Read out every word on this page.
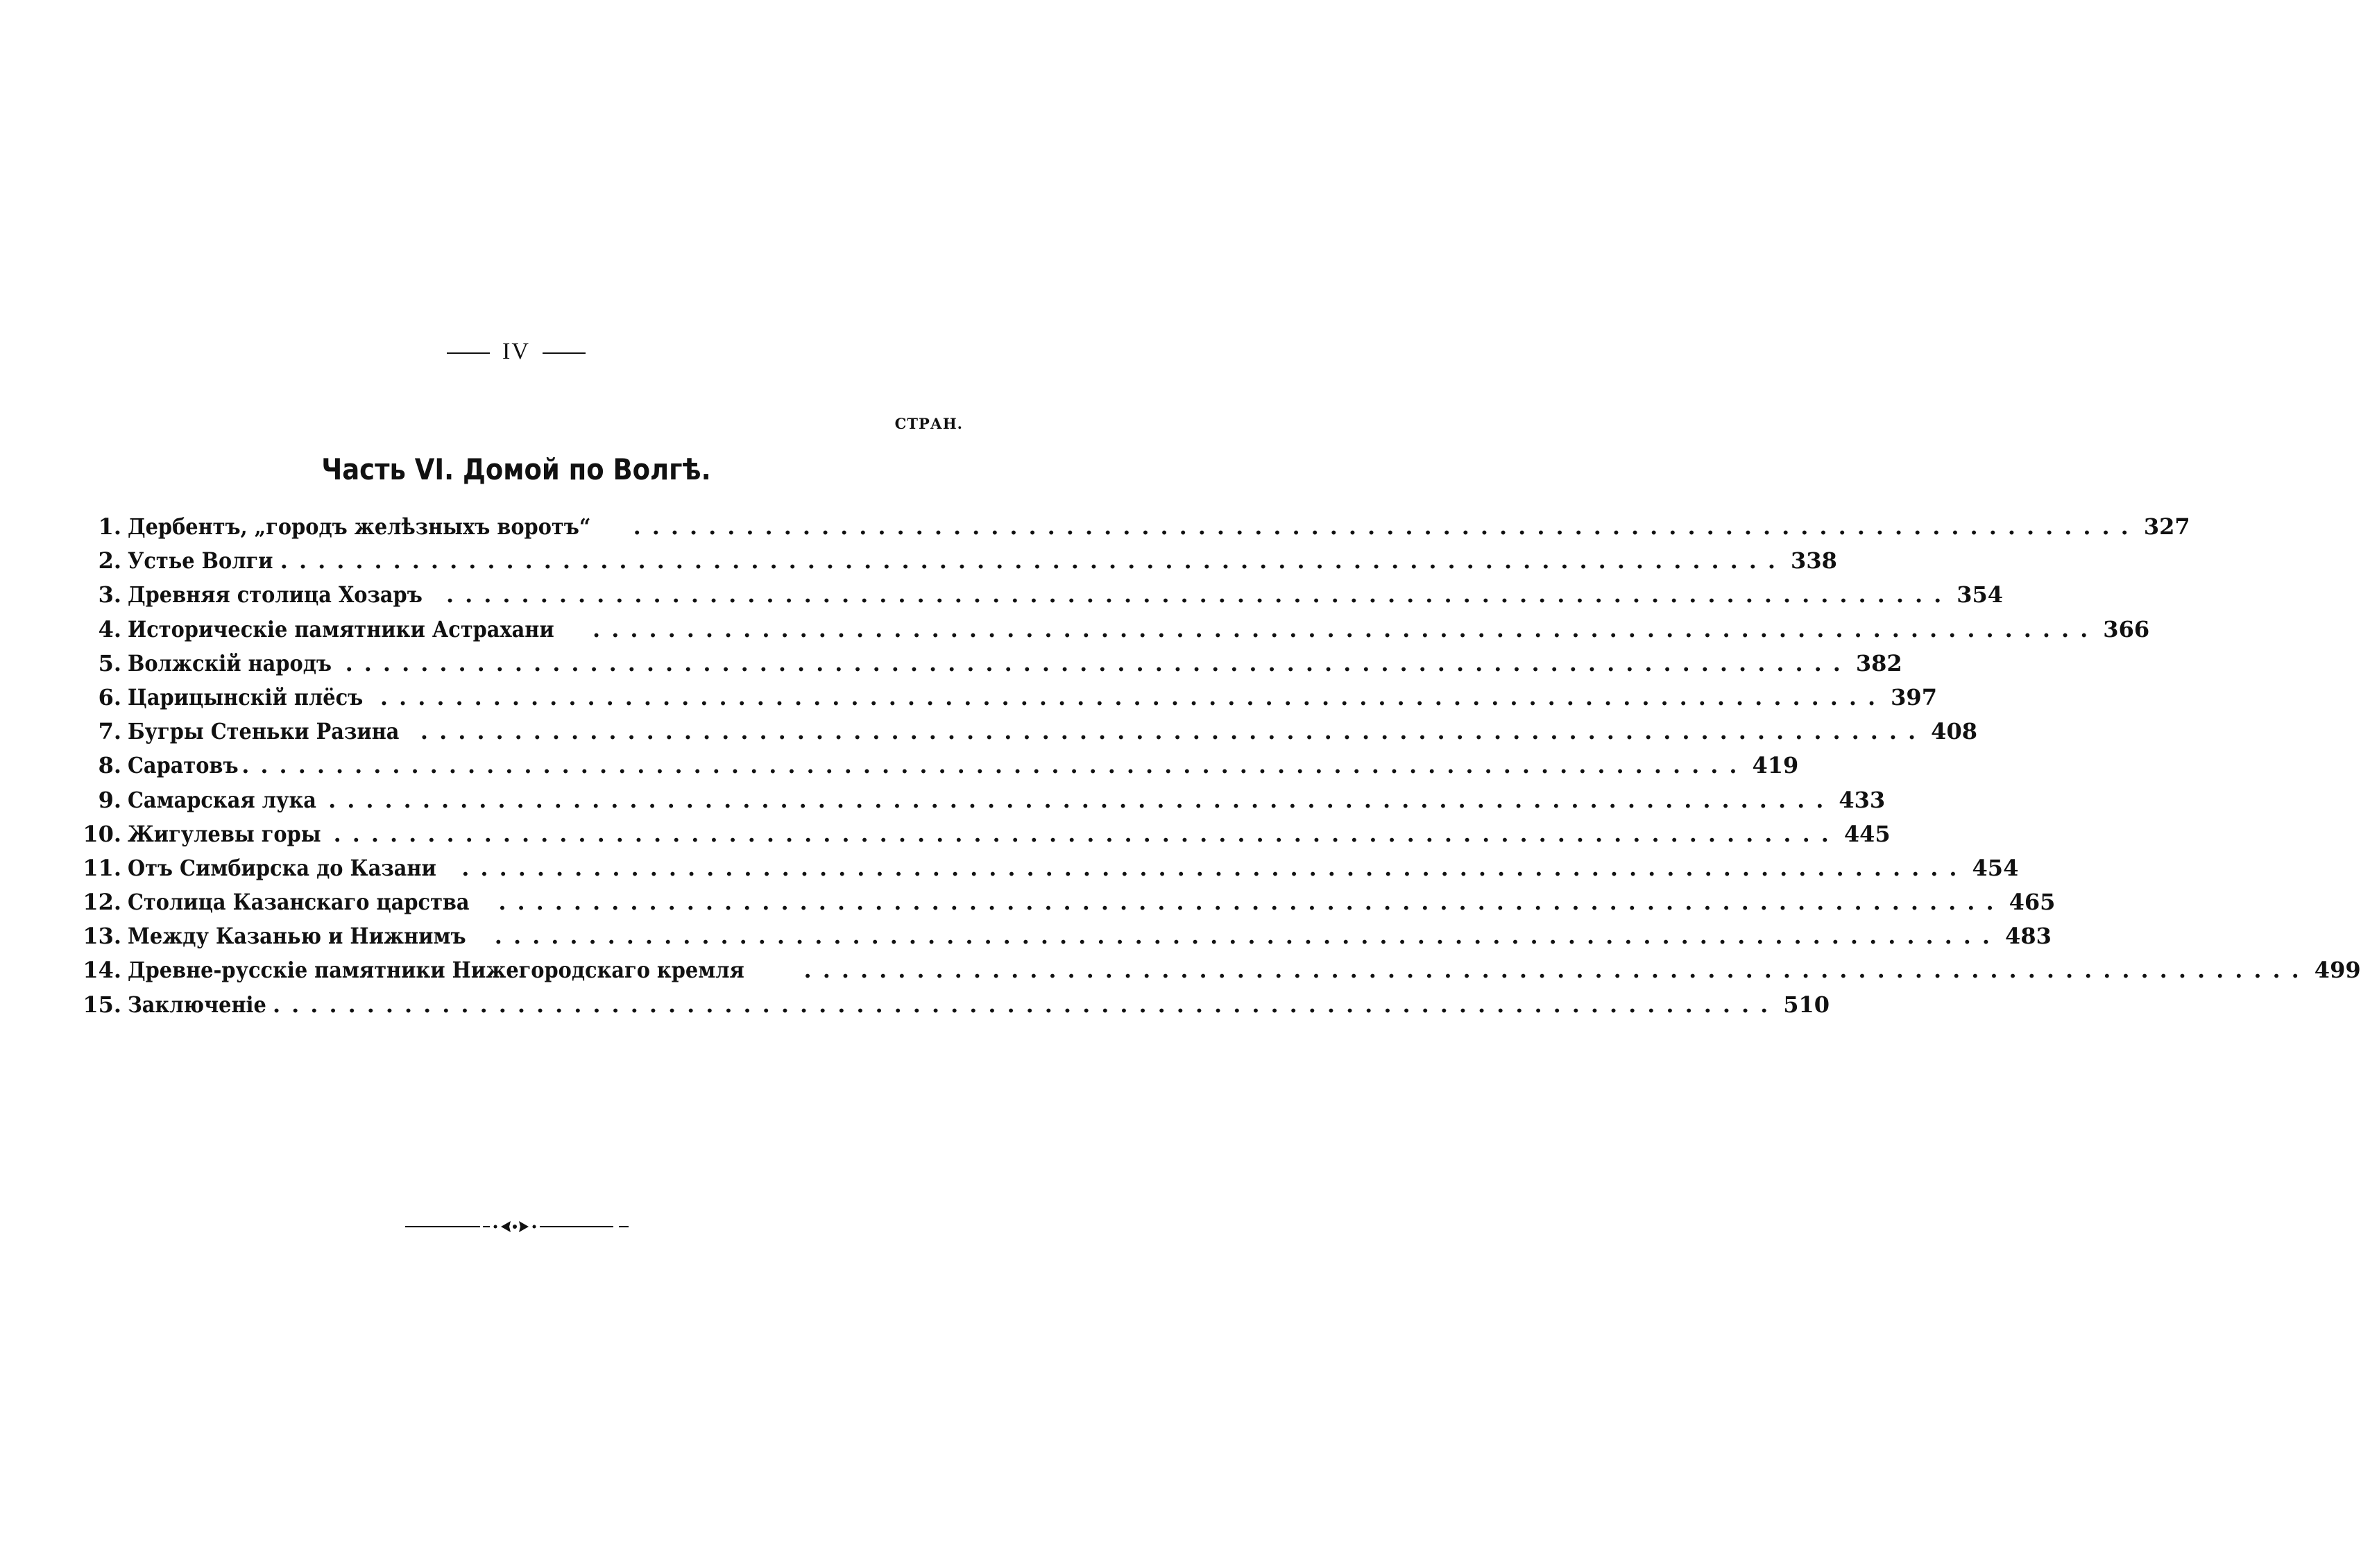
IV
СТРАН.
Часть VI. Домой по Волгѣ.
1. Дербентъ, „городъ желѣзныхъ воротъ“ ................................................................................ 327
2. Устье Волги ................................................................................ 338
3. Древняя столица Хозаръ ................................................................................ 354
4. Историческіе памятники Астрахани ................................................................................ 366
5. Волжскій народъ ................................................................................ 382
6. Царицынскій плёсъ ................................................................................ 397
7. Бугры Стеньки Разина ................................................................................ 408
8. Саратовъ ................................................................................ 419
9. Самарская лука ................................................................................ 433
10. Жигулевы горы ................................................................................ 445
11. Отъ Симбирска до Казани ................................................................................ 454
12. Столица Казанскаго царства ................................................................................ 465
13. Между Казанью и Нижнимъ ................................................................................ 483
14. Древне-русскіе памятники Нижегородскаго кремля	................................................................................ 499
15. Заключеніе ................................................................................ 510
